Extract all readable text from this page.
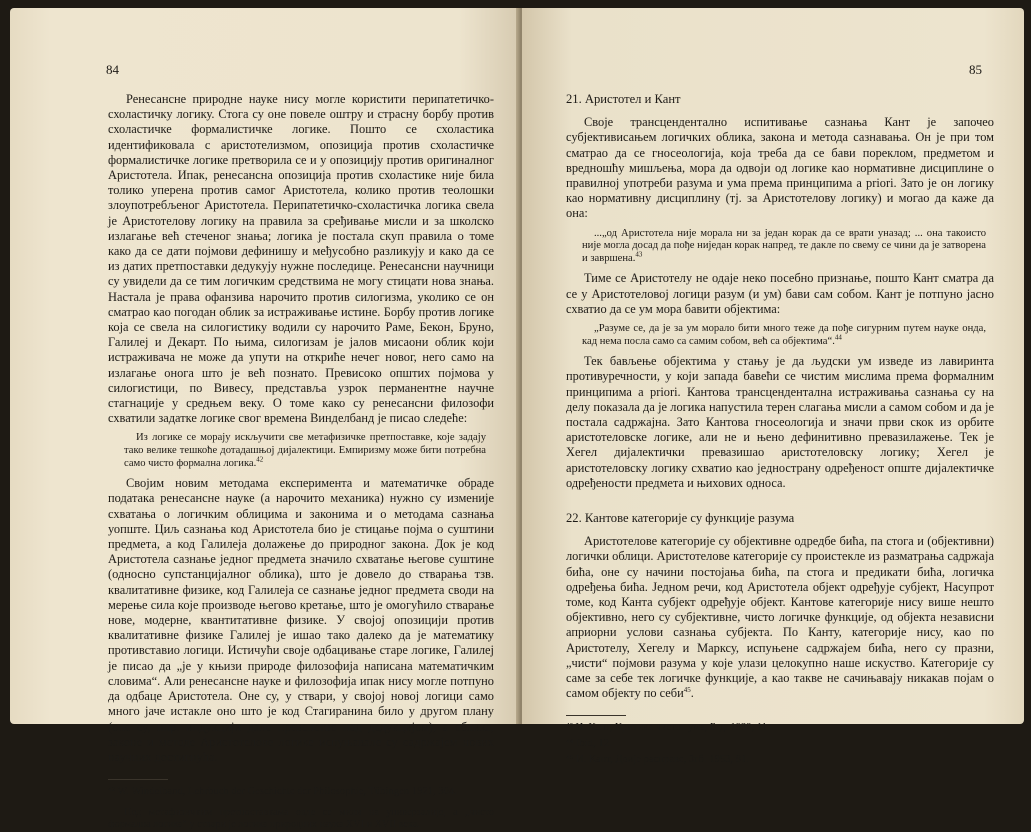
84

Ренесансне природне науке нису могле користити перипатетичко-схоластичку логику. Стога су оне повеле оштру и страсну борбу против схоластичке формалистичке логике. Пошто се схоластика идентификовала с аристотелизмом, опозиција против схоластичке формалистичке логике претворила се и у опозицију против оригиналног Аристотела. Ипак, ренесансна опозиција против схоластике није била толико уперена против самог Аристотела, колико против теолошки злоупотребљеног Аристотела. Перипатетичко-схоластичка логика свела је Аристотелову логику на правила за сређивање мисли и за школско излагање већ стеченог знања; логика је постала скуп правила о томе како да се дати појмови дефинишу и међусобно разликују и како да се из датих претпоставки дедукују нужне последице. Ренесансни научници су увидели да се тим логичким средствима не могу стицати нова знања. Настала је права офанзива нарочито против силогизма, уколико се он сматрао као погодан облик за истраживање истине. Борбу против логике која се свела на силогистику водили су нарочито Раме, Бекон, Бруно, Галилеј и Декарт. По њима, силогизам је јалов мисаони облик који истраживача не може да упути на откриће нечег новог, него само на излагање онога што је већ познато. Превисoко општих појмова у силогистици, по Вивесу, представља узрок перманентне научне стагнације у средњем веку. О томе како су ренесансни филозофи схватили задатке логике свог времена Винделбанд је писао следеће:

Из логике се морају искључити све метафизичке претпоставке, које задају тако велике тешкоће дотадашњој дијалектици. Емпиризму може бити потребна само чисто формална логика.$^{42}$

Својим новим методама експеримента и математичке обраде података ренесансне науке (а нарочито механика) нужно су изменије схватања о логичким облицима и законима и о методама сазнања уопште. Циљ сазнања код Аристотела био је стицање појма о суштини предмета, а код Галилеја долажење до природног закона. Док је код Аристотела сазнање једног предмета значило схватање његове суштине (односно супстанцијалног облика), што је довело до стварања тзв. квалитативне физике, код Галилеја се сазнање једног предмета своди на мерење сила које производе његово кретање, што је омогућило стварање нове, модерне, квантитативне физике. У својој опозицији против квалитативне физике Галилеј је ишао тако далеко да је математику противставио логици. Истичући своје одбацивање старе логике, Галилеј је писао да „је у књизи природе филозофија написана математичким словима“. Али ренесансне науке и филозофија ипак нису могле потпуно да одбаце Аристотела. Оне су, у ствари, у својој новој логици само много јаче истакле оно што је код Стагиранина било у другом плану (оне су, нпр. индукцији дале превенство над дедукцијом), а облике, законе и методе Аристотелове логике испуњавале су садржајем нових научних достигнућа.

⁴² W. Windelband, Lehrbuch der Geschichte der Philosophie, Tübingen 1921, 304.

Под метафизичким претпоставкама овде се мили на универзалије, а „чисто формална логика“ у ствари је логика природних наука XVI и XVII века.

85

21. Аристотел и Кант

Своје трансцендентално испитивање сазнања Кант је започео субјективисањем логичких облика, закона и метода сазнавања. Он је при том сматрао да се гносеологија, која треба да се бави пореклом, предметом и вредношћу мишљења, мора да одвоји од логике као нормативне дисциплине о правилној употреби разума и ума према принципима a priori. Зато је он логику као нормативну дисциплину (тј. за Аристотелову логику) и могао да каже да она:

...„од Аристотела није морала ни за један корак да се врати уназад; ... она такоисто није могла досад да пође ниједан корак напред, те дакле по свему се чини да је затворена и завршена.$^{43}$

Тиме се Аристотелу не одаје неко посебно признање, пошто Кант сматра да се у Аристотеловој логици разум (и ум) бави сам собом. Кант је потпуно јасно схватио да се ум мора бавити објектима:

„Разуме се, да је за ум морало бити много теже да пође сигурним путем науке онда, кад нема посла само са самим собом, већ са објектима“.$^{44}$

Тек бављење објектима у стању је да људски ум изведе из лавиринта противуречности, у који западa бавећи се чистим мислима према формалним принципима a priori. Кантова трансцендентална истраживања сазнања су на делу показала да је логика напустила терен слагања мисли а самом собом и да је постала садржајна. Зато Кантова гносеологија и значи први скок из орбите аристотеловске логике, али не и њено дефинитивно превазилажење. Тек је Хегел дијалектички превазишао аристотеловску логику; Хегел је аристотеловску логику схватио као једнострану одређеност опште дијалектичке одређености предмета и њихових односа.

22. Кантове категорије су функције разума

Аристотелове категорије су објективне одредбе бића, па стога и (објективни) логички облици. Аристотелове категорије су проистекле из разматрања садржаја бића, оне су начини постојања бића, па стога и предикати бића, логичка одређења бића. Једном речи, код Аристотела објект одређује субјект, Насупрот томе, код Канта субјект одређује објект. Кантове категорије нису више нешто објективно, него су субјективне, чисто логичке функције, од објекта независни априорни услови сазнања субјекта. По Канту, категорије нису, као по Аристотелу, Хегелу и Марксу, испуњене садржајем бића, него су празни, „чисти“ појмови разума у које улази целокупно наше искуство. Категорије су саме за себе тек логичке функције, а као такве не сачињавају никакав појам о самом објекту по себи$^{45}$.

⁴³ И. Кант, Критика чистог ума, Бгд. 1932, 11.

⁴⁴ Ibid, 12.

⁴⁵ И. Кант, Двије расправе, Згб. 1953, 81.
